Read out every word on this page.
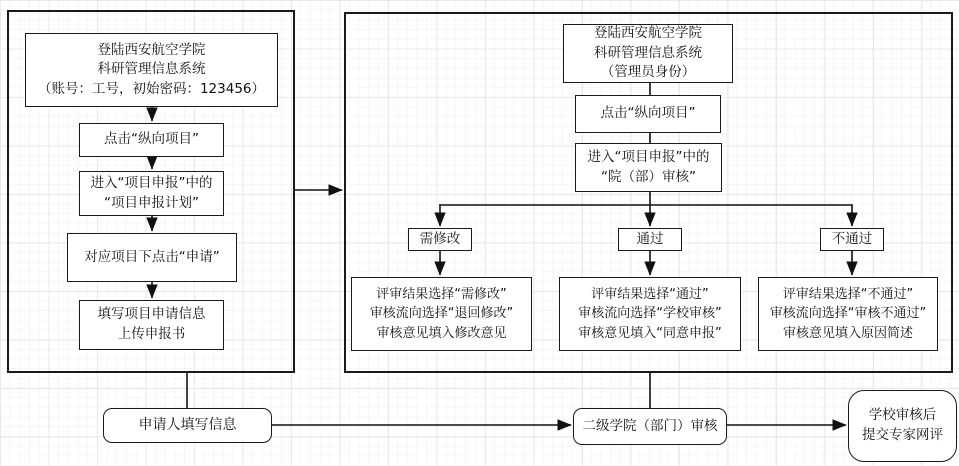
登陆西安航空学院
科研管理信息系统
（账号：工号，初始密码：123456）
点击“纵向项目”
进入“项目申报”中的
“项目申报计划”
对应项目下点击“申请”
填写项目申请信息
上传申报书
登陆西安航空学院
科研管理信息系统
（管理员身份）
点击“纵向项目”
进入“项目申报”中的
“院（部）审核”
需修改	通过	不通过
评审结果选择“需修改”
审核流向选择“退回修改”
审核意见填入修改意见
评审结果选择“通过”
审核流向选择“学校审核”
审核意见填入“同意申报”
评审结果选择“不通过”
审核流向选择“审核不通过”
审核意见填入原因简述
申请人填写信息	二级学院（部门）审核
学校审核后
提交专家网评
